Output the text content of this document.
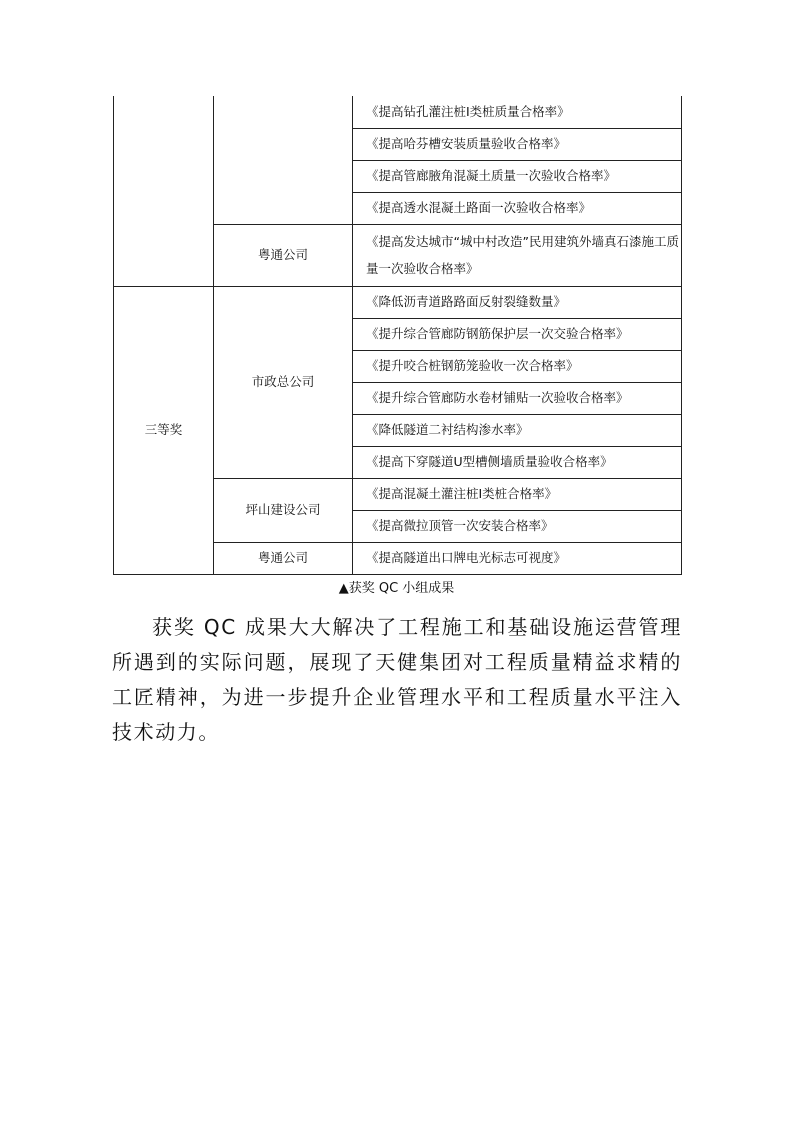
		《提高钻孔灌注桩Ⅰ类桩质量合格率》
		《提高哈芬槽安装质量验收合格率》
		《提高管廊腋角混凝土质量一次验收合格率》
		《提高透水混凝土路面一次验收合格率》
	粤通公司	《提高发达城市“城中村改造”民用建筑外墙真石漆施工质量一次验收合格率》
三等奖	市政总公司	《降低沥青道路路面反射裂缝数量》
		《提升综合管廊防钢筋保护层一次交验合格率》
		《提升咬合桩钢筋笼验收一次合格率》
		《提升综合管廊防水卷材铺贴一次验收合格率》
		《降低隧道二衬结构渗水率》
		《提高下穿隧道U型槽侧墙质量验收合格率》
	坪山建设公司	《提高混凝土灌注桩Ⅰ类桩合格率》
		《提高微拉顶管一次安装合格率》
	粤通公司	《提高隧道出口牌电光标志可视度》
▲获奖 QC 小组成果

获奖 QC 成果大大解决了工程施工和基础设施运营管理所遇到的实际问题，展现了天健集团对工程质量精益求精的工匠精神，为进一步提升企业管理水平和工程质量水平注入技术动力。
